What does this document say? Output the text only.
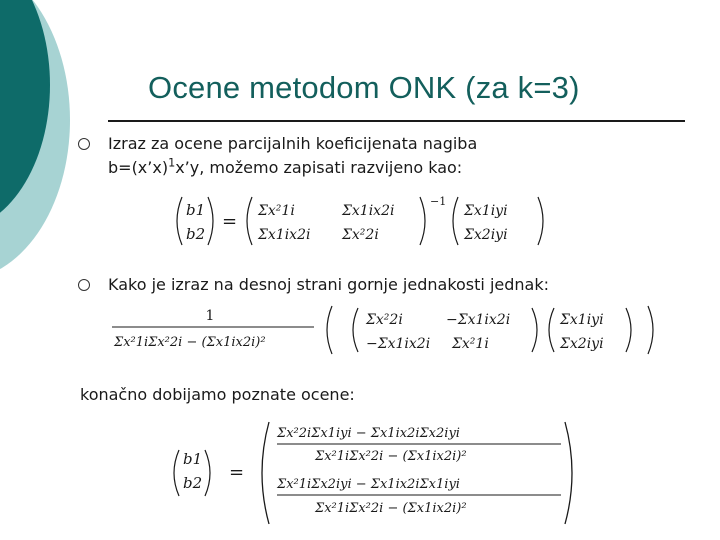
Ocene metodom ONK (za k=3)
Izraz za ocene parcijalnih koeficijenata nagiba
b=(x’x)$^1$x’y, možemo zapisati razvijeno kao:
b1
b2
= Σx²1i	Σx1ix2i
Σx1ix2i Σx²2i
−1
Σx1iyi
Σx2iyi
Kako je izraz na desnoj strani gornje jednakosti jednak:
1
Σx²1iΣx²2i − (Σx1ix2i)²
Σx²2i	−Σx1ix2i
−Σx1ix2i Σx²1i
Σx1iyi
Σx2iyi
konačno dobijamo poznate ocene:
b1
b2 =
Σx²2iΣx1iyi − Σx1ix2iΣx2iyi
Σx²1iΣx²2i − (Σx1ix2i)²
Σx²1iΣx2iyi − Σx1ix2iΣx1iyi
Σx²1iΣx²2i − (Σx1ix2i)²
